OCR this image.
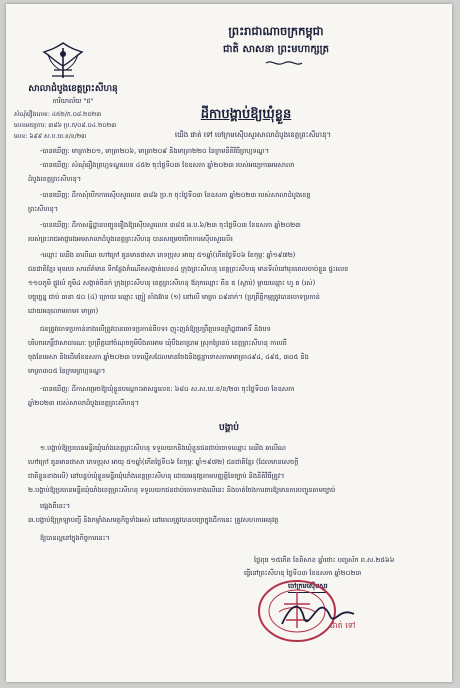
សាលាដំបូងខេត្តព្រះសីហនុ
ការិយាល័យ "ជ"
សំណុំរឿងលេខ: ៤៥២/ភ.០៨.២០២៣
លេខអយ្យការ: ៣៨៦ ប្រ.ក/០៨.០៤.២០២៣
លេខ: ៦៩៩ ស.ប.ឃ.ខ/ខ/២៣
ព្រះរាជាណាចក្រកម្ពុជា
ជាតិ សាសនា ព្រះមហាក្សត្រ
ដីកាបង្គាប់ឱ្យឃុំខ្លួន
យើង ផាត់ ទៅ ចៅក្រមស៊ើបសួរសាលាដំបូងខេត្តព្រះសីហនុ។
-បានឃើញ: មាត្រា២០១, មាត្រា២០៦, មាត្រា២០៩ និងមាត្រា២២០ នៃក្រមនីតិវិធីព្រហ្មទណ្ឌ។
-បានឃើញ: សំណុំរឿងព្រហ្មទណ្ឌលេខ ៤៥២ ចុះថ្ងៃទី០៣ ខែឧសភា ឆ្នាំ២០២៣ របស់អយ្យការអមសាលា
ដំបូងខេត្តព្រះសីហនុ។
-បានឃើញ: ដីកាសុំបើកការស៊ើបសួរលេខ ៣៨៦ ប្រ.ក ចុះថ្ងៃទី០៣ ខែឧសភា ឆ្នាំ២០២៣ របស់សាលាដំបូងខេត្ត
ព្រះសីហនុ។
-បានឃើញ: ដីកាសន្និដ្ឋានបញ្ជូនរឿងឱ្យស៊ើបសួរលេខ ៣៨៥ អ.ប.៦/២៣ ចុះថ្ងៃទី០៣ ខែឧសភា ឆ្នាំ២០២៣
របស់ព្រះរាជអាជ្ញារងអមសាលាដំបូងខេត្តព្រះសីហនុ បានសម្រេចបើកការស៊ើបសួរលើ៖
-ឈ្មោះ ឈើង ឆាលីណ ហៅក្រៅ គូនមានផាសា ភេទប្រុស អាយុ ៥១ឆ្នាំ(កើតថ្ងៃទី០៦ ខែកុម្ភៈ ឆ្នាំ១៩៧២)
ជនជាតិខ្មែរ មុខរបរ សារព័ត៌មាន ទីកន្លែងកំណើតសង្កាត់លេខ៤ ក្រុងព្រះសីហនុ ខេត្តព្រះសីហនុ មានទីលំនៅមុនពេលចាប់ខ្លួន ផ្ទះលេខ
១១០ភូមិ ផ្លូវលំ ភូមិ៤ សង្កាត់ចិនក់ ក្រុងព្រះសីហនុ ខេត្តព្រះសីហនុ ឪពុកឈ្មោះ ពីន ឌ (ស្លាប់) ម្តាយឈ្មោះ ហួ ត (រស់)
បច្ចុប្បន្ន ជាប់ ធានា ៥០ (៤) ក្រោយ ឈ្មោះ ញៀ តាំងឆ៊ាន (១) នៅលើ មាត្រា ០៩នាក់។ (ប្រព្រឹត្តិកម្មត្រូវបានចោទប្រកាន់
ដោយអនុលោមតាម៖ មាត្រា)
ជនត្រូវចោទប្រកាន់ខាងលើត្រូវបានចោទប្រកាន់ពីបទ៖ ញុះញង់ឱ្យប្រព្រឹត្តបទឧក្រិដ្ឋជាអាទិ៍ និងបទ
បរិហារកេរ្តិ៍ជាសាធារណៈ ប្រព្រឹត្តនៅចំណុចភូមិបឹងតាអាម ឃុំបឹងតាប្រាម ស្រុកព្រៃនប់ ខេត្តព្រះសីហនុ កាលពី
ចុងខែមេសា និងដើមខែឧសភា ឆ្នាំ២០២៣ បទល្មើសដែលមានចែងនិងផ្តន្ទាទោសតាមមាត្រា៤៩៤, ៤៩៥, ៣០៥ និង
មាត្រា៣០៥ នៃក្រមព្រហ្មទណ្ឌ។
-បានឃើញ: ដីកាសម្រេចឱ្យឃុំខ្លួនបណ្តោះអាសន្នលេខ: ៦៨០ ស.ស.ឃ.ខ/ខ/២៣ ចុះថ្ងៃទី០៣ ខែឧសភា
ឆ្នាំ២០២៣ របស់សាលាដំបូងខេត្តព្រះសីហនុ។
បង្គាប់
១.បង្គាប់ឱ្យប្រធានមន្ទីរឃុំឃាំងខេត្តព្រះសីហនុ ទទួលយកនិងឃុំខ្លួនជនជាប់ចោទឈ្មោះ ឈើង ឆាលីណ
ហៅក្រៅ គូនមានផាសា ភេទប្រុស អាយុ ៥១ឆ្នាំ(កើតថ្ងៃទី០៦ ខែកុម្ភៈ ឆ្នាំ១៩៧២) ជនជាតិខ្មែរ (ដែលមានសេចក្តី
ជាតិខ្លួនខាងលើ) នៅបន្ទប់ឃុំខ្លួនមន្ទីរឃុំឃាំងខេត្តព្រះសីហនុ ដោយអនុវត្តតាមបញ្ញត្តិនៃច្បាប់ និងនីតិវិធីត្រូវ។
២.បង្គាប់ឱ្យប្រធានមន្ទីរឃុំឃាំងខេត្តព្រះសីហនុ ទទួលយកជនជាប់ចោទខាងលើនេះ និងចាត់ចែងការពារឱ្យមានការបញ្ជូនតាមច្បាប់
ផ្សេងពីនេះ។
៣.បង្គាប់ឱ្យក្រឡាបញ្ជី និងកម្លាំងសមត្ថកិច្ចទាំងអស់ នៅពេលត្រូវបានបញ្ជាក្នុងដីកានេះ ត្រូវសហការអនុវត្ត
ឱ្យបានល្អនៅក្នុងកិច្ចការនេះ។
ថ្ងៃពុធ ១៥កើត ខែពិសាខ ឆ្នាំថោះ បញ្ចស័ក ព.ស.២៥៦៦
ធ្វើនៅព្រះសីហនុ ថ្ងៃទី០៣ ខែឧសភា ឆ្នាំ២០២៣
ចៅក្រមស៊ើបសួរ
ផាត់ ទៅ
